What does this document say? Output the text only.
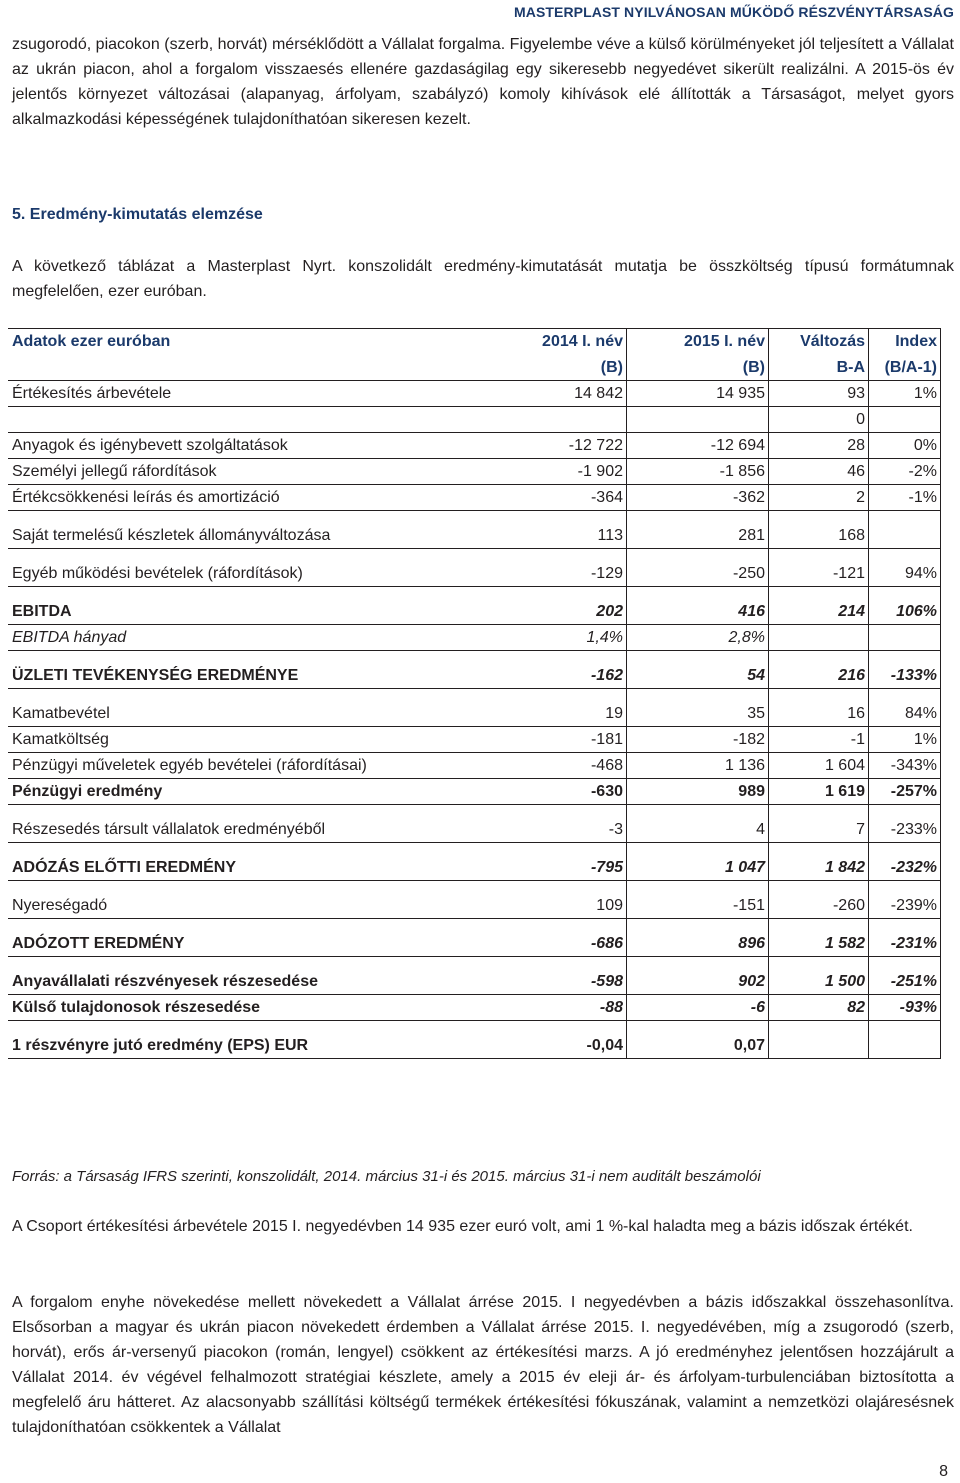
MASTERPLAST NYILVÁNOSAN MŰKÖDŐ RÉSZVÉNYTÁRSASÁG

zsugorodó, piacokon (szerb, horvát) mérséklődött a Vállalat forgalma. Figyelembe véve a külső körülményeket jól teljesített a Vállalat az ukrán piacon, ahol a forgalom visszaesés ellenére gazdaságilag egy sikeresebb negyedévet sikerült realizálni. A 2015-ös év jelentős környezet változásai (alapanyag, árfolyam, szabályzó) komoly kihívások elé állították a Társaságot, melyet gyors alkalmazkodási képességének tulajdoníthatóan sikeresen kezelt.

5. Eredmény-kimutatás elemzése

A következő táblázat a Masterplast Nyrt. konszolidált eredmény-kimutatását mutatja be összköltség típusú formátumnak megfelelően, ezer euróban.

Adatok ezer euróban	2014 I. név	2015 I. név	Változás	Index
	(B)	(B)	B-A	(B/A-1)
Értékesítés árbevétele	14 842	14 935	93	1%
			0	
Anyagok és igénybevett szolgáltatások	-12 722	-12 694	28	0%
Személyi jellegű ráfordítások	-1 902	-1 856	46	-2%
Értékcsökkenési leírás és amortizáció	-364	-362	2	-1%

Saját termelésű készletek állományváltozása	113	281	168	

Egyéb működési bevételek (ráfordítások)	-129	-250	-121	94%

EBITDA	202	416	214	106%
EBITDA hányad	1,4%	2,8%		

ÜZLETI TEVÉKENYSÉG EREDMÉNYE	-162	54	216	-133%

Kamatbevétel	19	35	16	84%
Kamatköltség	-181	-182	-1	1%
Pénzügyi műveletek egyéb bevételei (ráfordításai)	-468	1 136	1 604	-343%
Pénzügyi eredmény	-630	989	1 619	-257%

Részesedés társult vállalatok eredményéből	-3	4	7	-233%

ADÓZÁS ELŐTTI EREDMÉNY	-795	1 047	1 842	-232%

Nyereségadó	109	-151	-260	-239%

ADÓZOTT EREDMÉNY	-686	896	1 582	-231%

Anyavállalati részvényesek részesedése	-598	902	1 500	-251%
Külső tulajdonosok részesedése	-88	-6	82	-93%

1 részvényre jutó eredmény (EPS) EUR	-0,04	0,07		
Forrás: a Társaság IFRS szerinti, konszolidált, 2014. március 31-i és 2015. március 31-i nem auditált beszámolói

A Csoport értékesítési árbevétele 2015 I. negyedévben 14 935 ezer euró volt, ami 1 %-kal haladta meg a bázis időszak értékét.

A forgalom enyhe növekedése mellett növekedett a Vállalat árrése 2015. I negyedévben a bázis időszakkal összehasonlítva. Elsősorban a magyar és ukrán piacon növekedett érdemben a Vállalat árrése 2015. I. negyedévében, míg a zsugorodó (szerb, horvát), erős ár-versenyű piacokon (román, lengyel) csökkent az értékesítési marzs. A jó eredményhez jelentősen hozzájárult a Vállalat 2014. év végével felhalmozott stratégiai készlete, amely a 2015 év eleji ár- és árfolyam-turbulenciában biztosította a megfelelő áru hátteret. Az alacsonyabb szállítási költségű termékek értékesítési fókuszának, valamint a nemzetközi olajáresésnek tulajdoníthatóan csökkentek a Vállalat

8
